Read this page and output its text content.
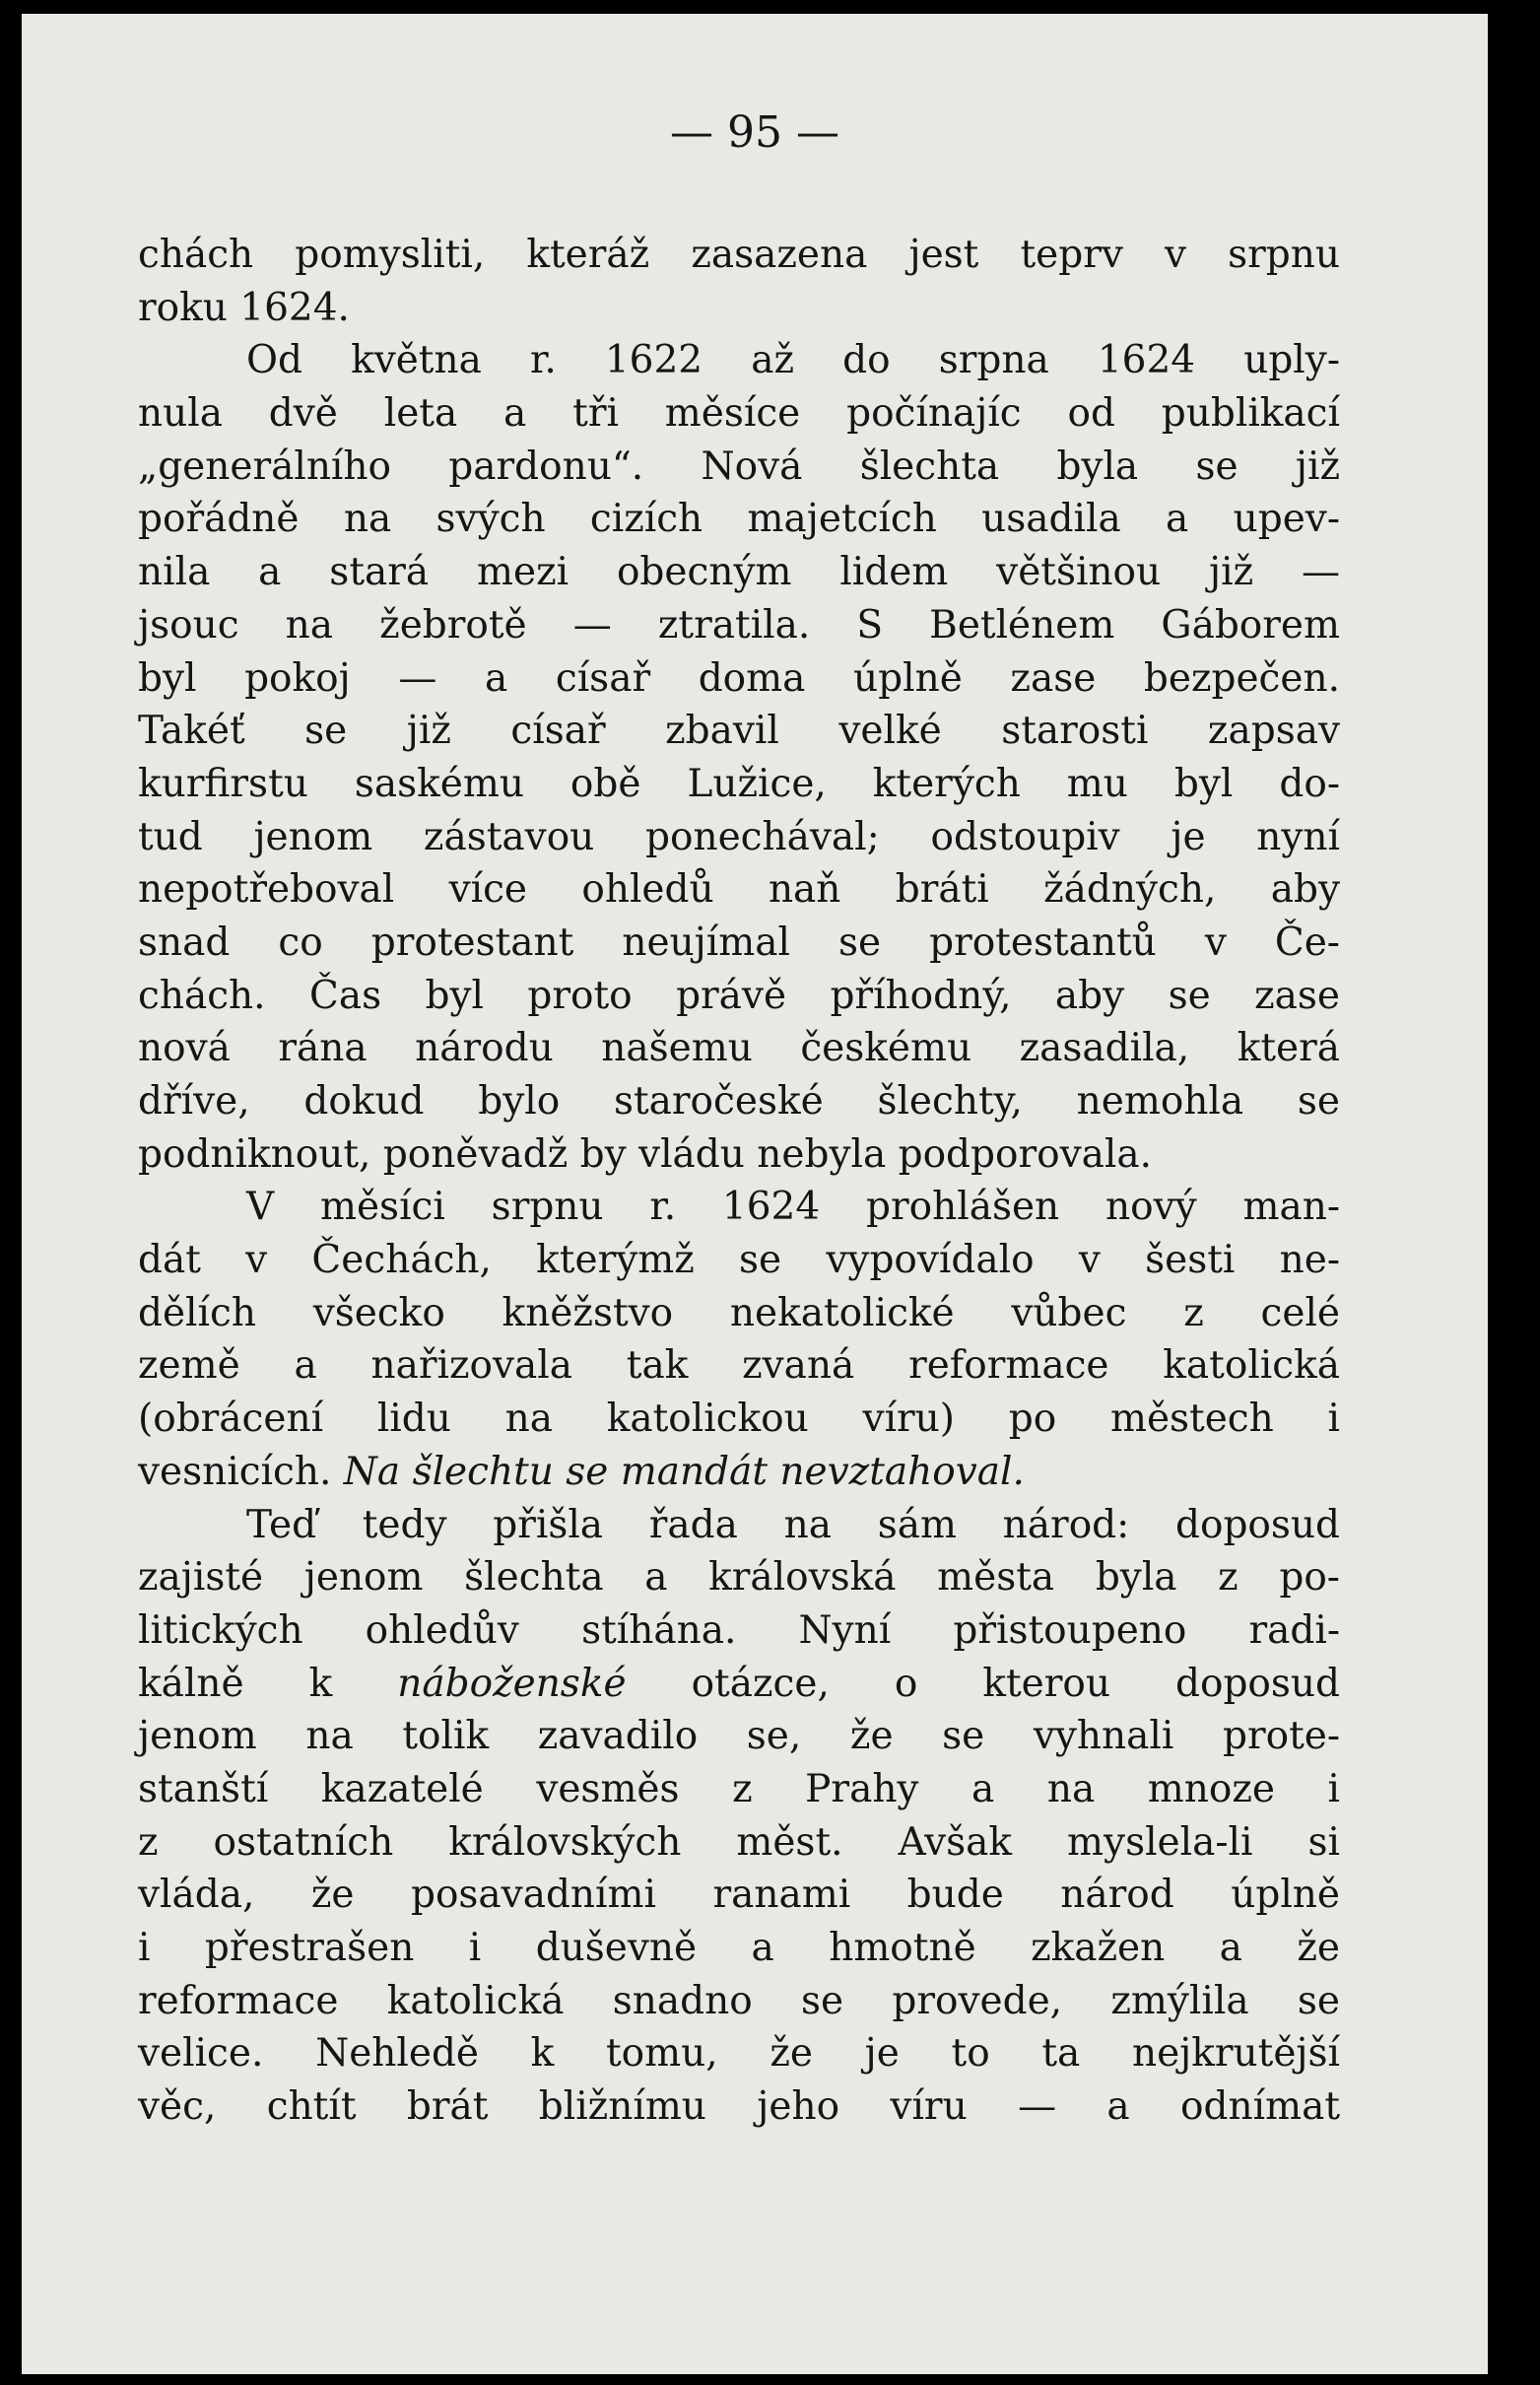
— 95 —
chách pomysliti, kteráž zasazena jest teprv v srpnu
roku 1624.
Od května r. 1622 až do srpna 1624 uply-
nula dvě leta a tři měsíce počínajíc od publikací
„generálního pardonu“. Nová šlechta byla se již
pořádně na svých cizích majetcích usadila a upev-
nila a stará mezi obecným lidem většinou již —
jsouc na žebrotě — ztratila. S Betlénem Gáborem
byl pokoj — a císař doma úplně zase bezpečen.
Takéť se již císař zbavil velké starosti zapsav
kurfirstu saskému obě Lužice, kterých mu byl do-
tud jenom zástavou ponechával; odstoupiv je nyní
nepotřeboval více ohledů naň bráti žádných, aby
snad co protestant neujímal se protestantů v Če-
chách. Čas byl proto právě příhodný, aby se zase
nová rána národu našemu českému zasadila, která
dříve, dokud bylo staročeské šlechty, nemohla se
podniknout, poněvadž by vládu nebyla podporovala.
V měsíci srpnu r. 1624 prohlášen nový man-
dát v Čechách, kterýmž se vypovídalo v šesti ne-
dělích všecko kněžstvo nekatolické vůbec z celé
země a nařizovala tak zvaná reformace katolická
(obrácení lidu na katolickou víru) po městech i
vesnicích. Na šlechtu se mandát nevztahoval.
Teď tedy přišla řada na sám národ: doposud
zajisté jenom šlechta a královská města byla z po-
litických ohledův stíhána. Nyní přistoupeno radi-
kálně k náboženské otázce, o kterou doposud
jenom na tolik zavadilo se, že se vyhnali prote-
stanští kazatelé vesměs z Prahy a na mnoze i
z ostatních královských měst. Avšak myslela-li si
vláda, že posavadními ranami bude národ úplně
i přestrašen i duševně a hmotně zkažen a že
reformace katolická snadno se provede, zmýlila se
velice. Nehledě k tomu, že je to ta nejkrutější
věc, chtít brát bližnímu jeho víru — a odnímat
